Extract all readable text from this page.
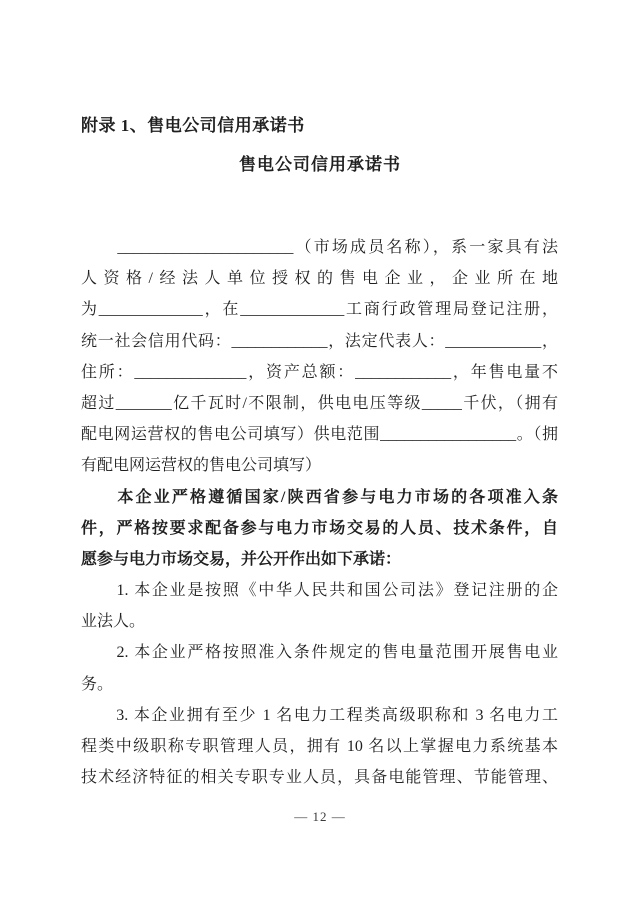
附录 1、售电公司信用承诺书
售电公司信用承诺书
　　______________________（市场成员名称），系一家具有法
人资格/经法人单位授权的售电企业，企业所在地
为_____________，在_____________工商行政管理局登记注册，
统一社会信用代码：____________，法定代表人：____________，
住所：______________，资产总额：____________，年售电量不
超过_______亿千瓦时/不限制，供电电压等级_____千伏，（拥有
配电网运营权的售电公司填写）供电范围_________________。（拥
有配电网运营权的售电公司填写）
　　本企业严格遵循国家/陕西省参与电力市场的各项准入条
件，严格按要求配备参与电力市场交易的人员、技术条件，自
愿参与电力市场交易，并公开作出如下承诺：
　　1. 本企业是按照《中华人民共和国公司法》登记注册的企
业法人。
　　2. 本企业严格按照准入条件规定的售电量范围开展售电业
务。
　　3. 本企业拥有至少 1 名电力工程类高级职称和 3 名电力工
程类中级职称专职管理人员，拥有 10 名以上掌握电力系统基本
技术经济特征的相关专职专业人员，具备电能管理、节能管理、
— 12 —
